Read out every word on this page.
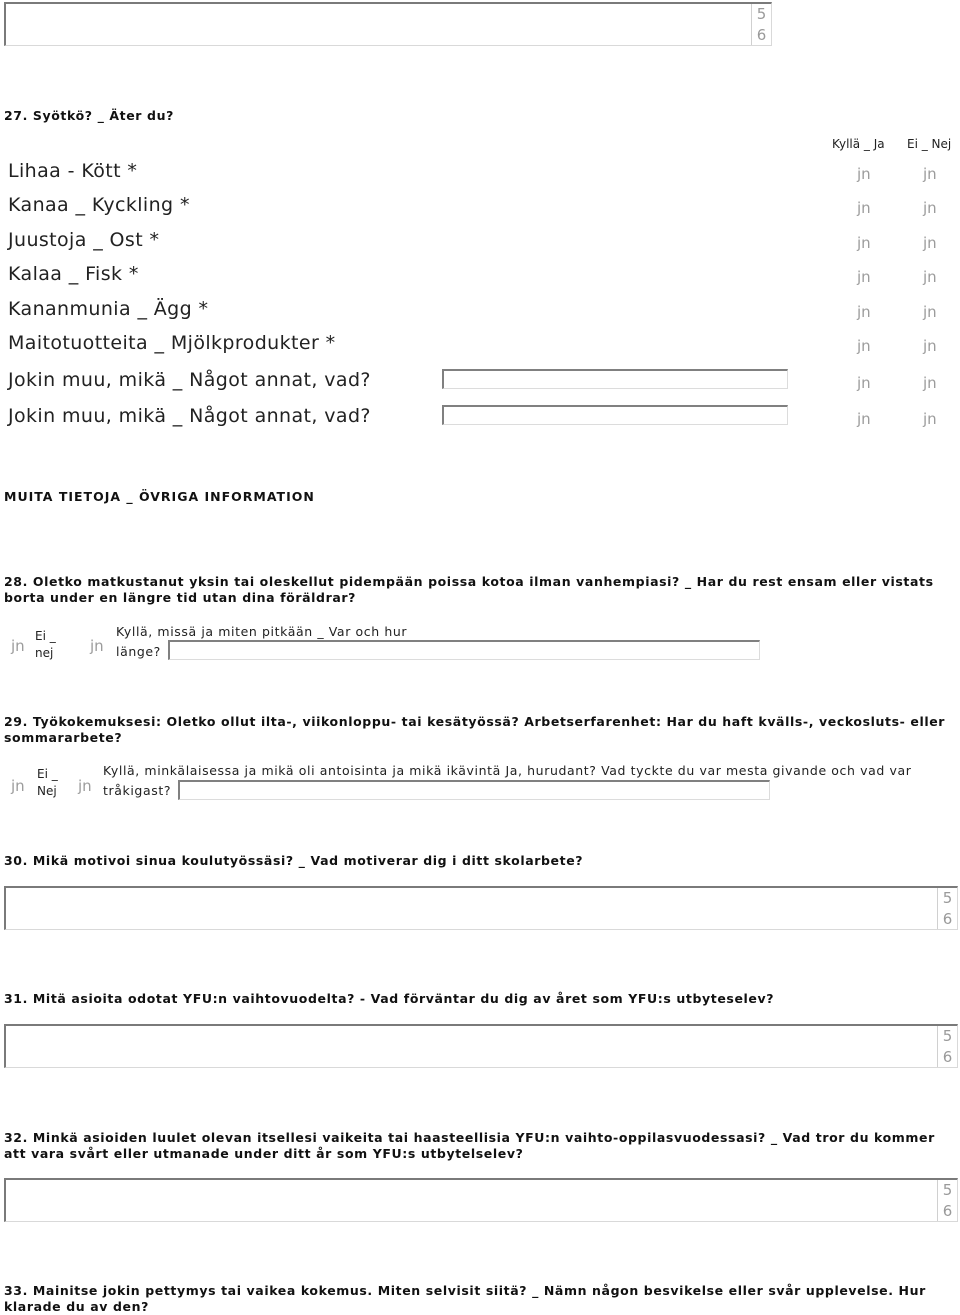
5
6
27. Syötkö? _ Äter du?
Kyllä _ Ja Ei _ Nej
Lihaa - Kött *	jn	jn
Kanaa _ Kyckling *	jn	jn
Juustoja _ Ost *	jn	jn
Kalaa _ Fisk *	jn	jn
Kananmunia _ Ägg *	jn	jn
Maitotuotteita _ Mjölkprodukter *	jn	jn
Jokin muu, mikä _ Något annat, vad?	jn	jn
Jokin muu, mikä _ Något annat, vad?	jn	jn
MUITA TIETOJA _ ÖVRIGA INFORMATION
28. Oletko matkustanut yksin tai oleskellut pidempään poissa kotoa ilman vanhempiasi? _ Har du rest ensam eller vistats borta under en längre tid utan dina föräldrar?
jn
Ei _ nej	jn
Kyllä, missä ja miten pitkään _ Var och hur
länge?
29. Työkokemuksesi: Oletko ollut ilta-, viikonloppu- tai kesätyössä? Arbetserfarenhet: Har du haft kvälls-, veckosluts- eller sommararbete?
jn
Ei _ Nej	jn
Kyllä, minkälaisessa ja mikä oli antoisinta ja mikä ikävintä Ja, hurudant? Vad tyckte du var mesta givande och vad var
tråkigast?
30. Mikä motivoi sinua koulutyössäsi? _ Vad motiverar dig i ditt skolarbete?
5
6
31. Mitä asioita odotat YFU:n vaihtovuodelta? - Vad förväntar du dig av året som YFU:s utbyteselev?
5
6
32. Minkä asioiden luulet olevan itsellesi vaikeita tai haasteellisia YFU:n vaihto-oppilasvuodessasi? _ Vad tror du kommer att vara svårt eller utmanade under ditt år som YFU:s utbytelselev?
5
6
33. Mainitse jokin pettymys tai vaikea kokemus. Miten selvisit siitä? _ Nämn någon besvikelse eller svår upplevelse. Hur klarade du av den?
